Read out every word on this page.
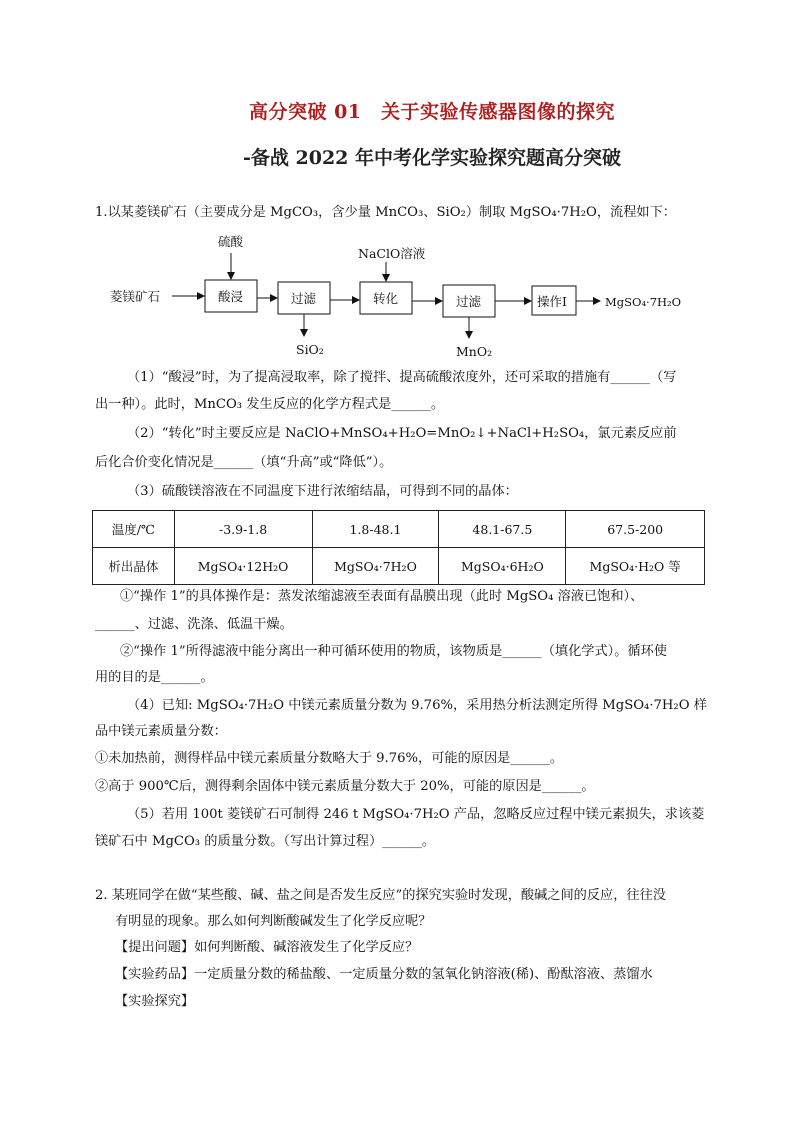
高分突破 01　关于实验传感器图像的探究
-备战 2022 年中考化学实验探究题高分突破
1.以某菱镁矿石（主要成分是 MgCO₃，含少量 MnCO₃、SiO₂）制取 MgSO₄·7H₂O，流程如下：
硫酸
菱镁矿石	酸浸	过滤
SiO₂
NaClO溶液
转化	过滤
MnO₂
操作I	MgSO₄·7H₂O
（1）“酸浸”时，为了提高浸取率，除了搅拌、提高硫酸浓度外，还可采取的措施有______（写
出一种）。此时，MnCO₃ 发生反应的化学方程式是______。
（2）“转化”时主要反应是 NaClO+MnSO₄+H₂O=MnO₂↓+NaCl+H₂SO₄，氯元素反应前
后化合价变化情况是______（填“升高”或“降低”）。
（3）硫酸镁溶液在不同温度下进行浓缩结晶，可得到不同的晶体：
温度/℃	-3.9-1.8	1.8-48.1	48.1-67.5	67.5-200
析出晶体	MgSO₄·12H₂O	MgSO₄·7H₂O	MgSO₄·6H₂O	MgSO₄·H₂O 等
①“操作 1”的具体操作是：蒸发浓缩滤液至表面有晶膜出现（此时 MgSO₄ 溶液已饱和）、
______、过滤、洗涤、低温干燥。
②“操作 1”所得滤液中能分离出一种可循环使用的物质，该物质是______（填化学式）。循环使
用的目的是______。
（4）已知: MgSO₄·7H₂O 中镁元素质量分数为 9.76%，采用热分析法测定所得 MgSO₄·7H₂O 样
品中镁元素质量分数：
①未加热前，测得样品中镁元素质量分数略大于 9.76%，可能的原因是______。
②高于 900℃后，测得剩余固体中镁元素质量分数大于 20%，可能的原因是______。
（5）若用 100t 菱镁矿石可制得 246 t MgSO₄·7H₂O 产品，忽略反应过程中镁元素损失，求该菱
镁矿石中 MgCO₃ 的质量分数。（写出计算过程）______。
2. 某班同学在做“某些酸、碱、盐之间是否发生反应”的探究实验时发现，酸碱之间的反应，往往没
有明显的现象。那么如何判断酸碱发生了化学反应呢？
【提出问题】如何判断酸、碱溶液发生了化学反应？
【实验药品】一定质量分数的稀盐酸、一定质量分数的氢氧化钠溶液(稀)、酚酞溶液、蒸馏水
【实验探究】
